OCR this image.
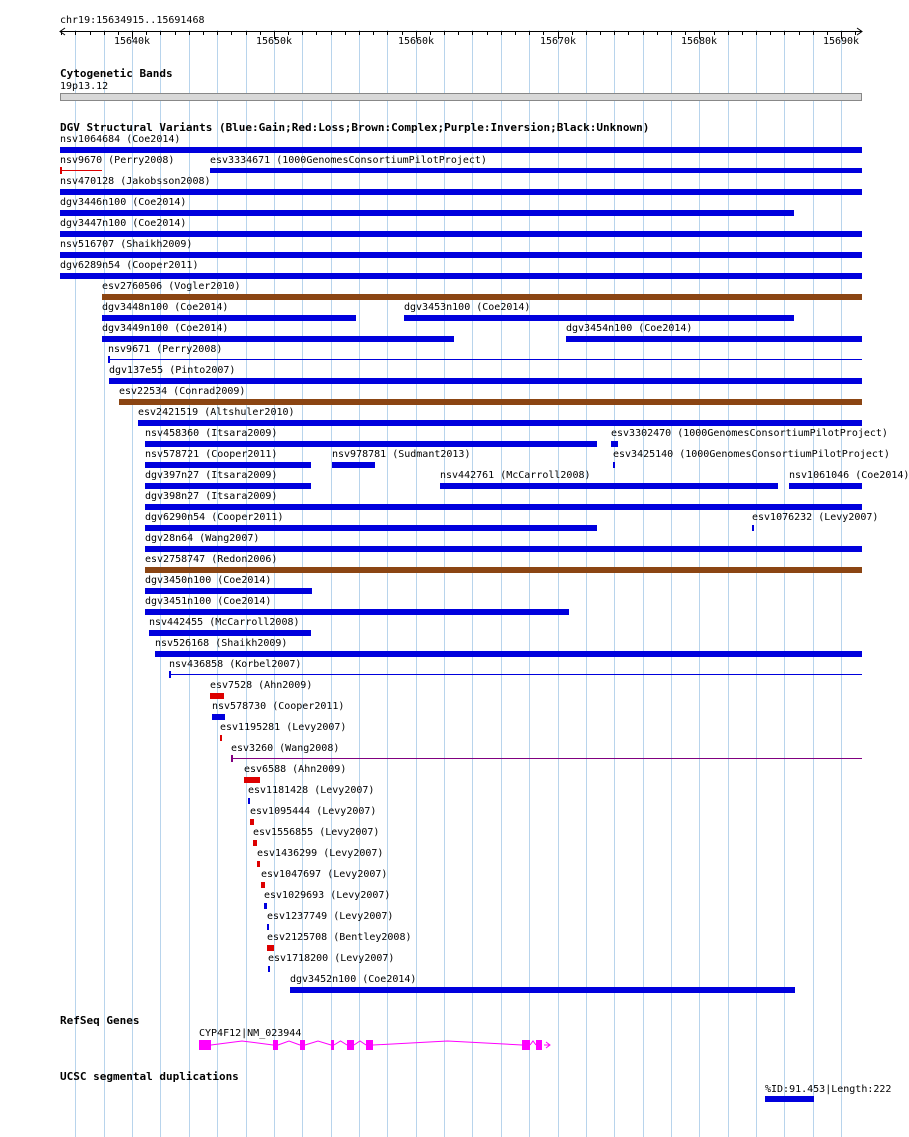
chr19:15634915..15691468
15640k	15650k	15660k	15670k	15680k	15690k
Cytogenetic Bands
19p13.12
DGV Structural Variants (Blue:Gain;Red:Loss;Brown:Complex;Purple:Inversion;Black:Unknown)
nsv1064684 (Coe2014)
nsv9670 (Perry2008)	esv3334671 (1000GenomesConsortiumPilotProject)
nsv470128 (Jakobsson2008)
dgv3446n100 (Coe2014)
dgv3447n100 (Coe2014)
nsv516707 (Shaikh2009)
dgv6289n54 (Cooper2011)
esv2760506 (Vogler2010)
dgv3448n100 (Coe2014)	dgv3453n100 (Coe2014)
dgv3449n100 (Coe2014)	dgv3454n100 (Coe2014)
nsv9671 (Perry2008)
dgv137e55 (Pinto2007)
esv22534 (Conrad2009)
esv2421519 (Altshuler2010)
nsv458360 (Itsara2009)	esv3302470 (1000GenomesConsortiumPilotProject)
nsv578721 (Cooper2011)	nsv978781 (Sudmant2013)	esv3425140 (1000GenomesConsortiumPilotProject)
dgv397n27 (Itsara2009)	nsv442761 (McCarroll2008)	nsv1061046 (Coe2014)
dgv398n27 (Itsara2009)
dgv6290n54 (Cooper2011)	esv1076232 (Levy2007)
dgv28n64 (Wang2007)
esv2758747 (Redon2006)
dgv3450n100 (Coe2014)
dgv3451n100 (Coe2014)
nsv442455 (McCarroll2008)
nsv526168 (Shaikh2009)
nsv436858 (Korbel2007)
esv7528 (Ahn2009)
nsv578730 (Cooper2011)
esv1195281 (Levy2007)
esv3260 (Wang2008)
esv6588 (Ahn2009)
esv1181428 (Levy2007)
esv1095444 (Levy2007)
esv1556855 (Levy2007)
esv1436299 (Levy2007)
esv1047697 (Levy2007)
esv1029693 (Levy2007)
esv1237749 (Levy2007)
esv2125708 (Bentley2008)
esv1718200 (Levy2007)
dgv3452n100 (Coe2014)
RefSeq Genes
CYP4F12|NM_023944
UCSC segmental duplications
%ID:91.453|Length:222
